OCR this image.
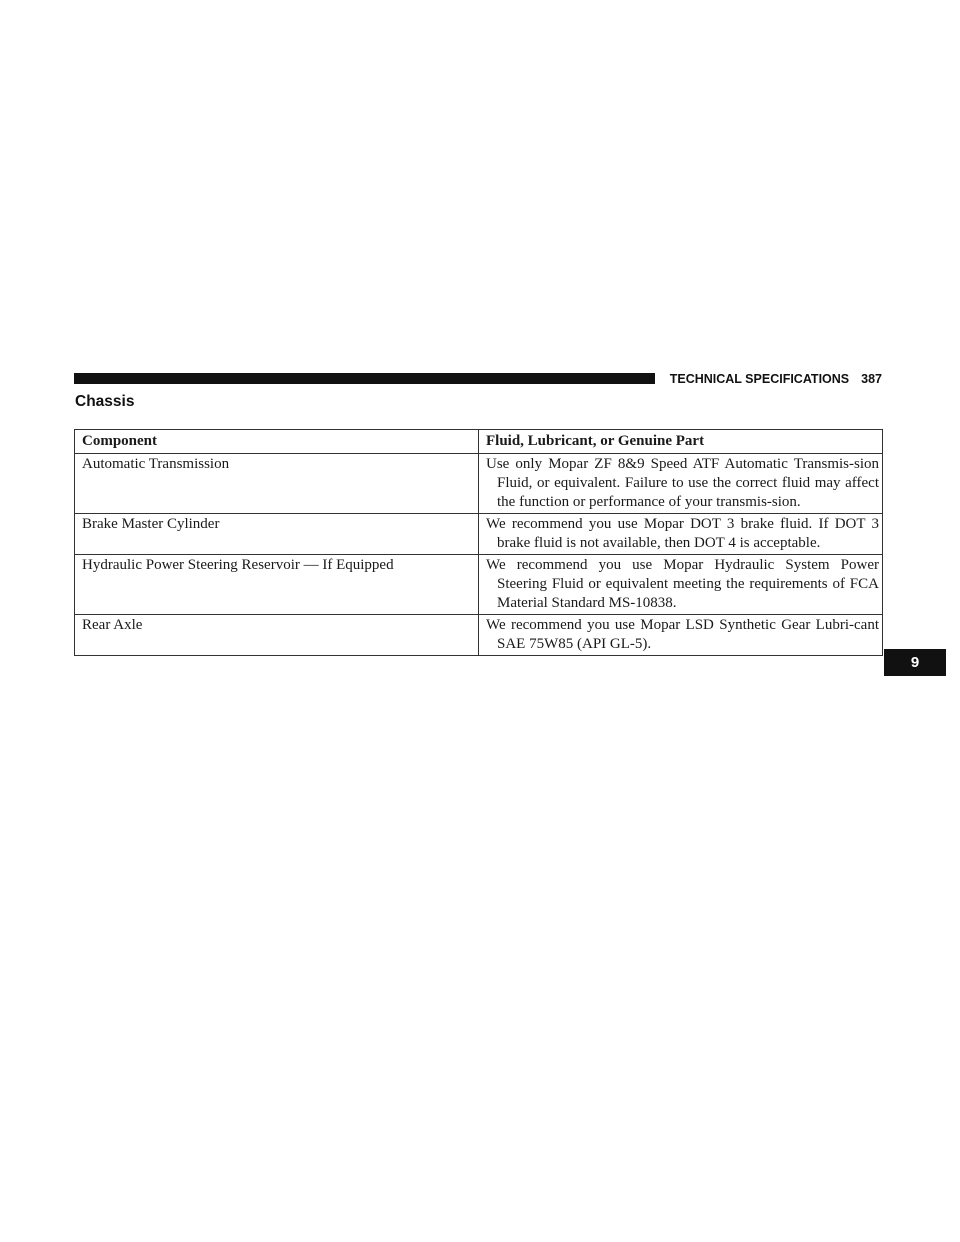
TECHNICAL SPECIFICATIONS 387
Chassis
Component	Fluid, Lubricant, or Genuine Part
Automatic Transmission	Use only Mopar ZF 8&9 Speed ATF Automatic Transmis-sion Fluid, or equivalent. Failure to use the correct fluid may affect the function or performance of your transmis-sion.

Brake Master Cylinder	We recommend you use Mopar DOT 3 brake fluid. If DOT 3 brake fluid is not available, then DOT 4 is acceptable.

Hydraulic Power Steering Reservoir — If Equipped	We recommend you use Mopar Hydraulic System Power Steering Fluid or equivalent meeting the requirements of FCA Material Standard MS-10838.

Rear Axle	We recommend you use Mopar LSD Synthetic Gear Lubri-cant SAE 75W85 (API GL-5).
9
